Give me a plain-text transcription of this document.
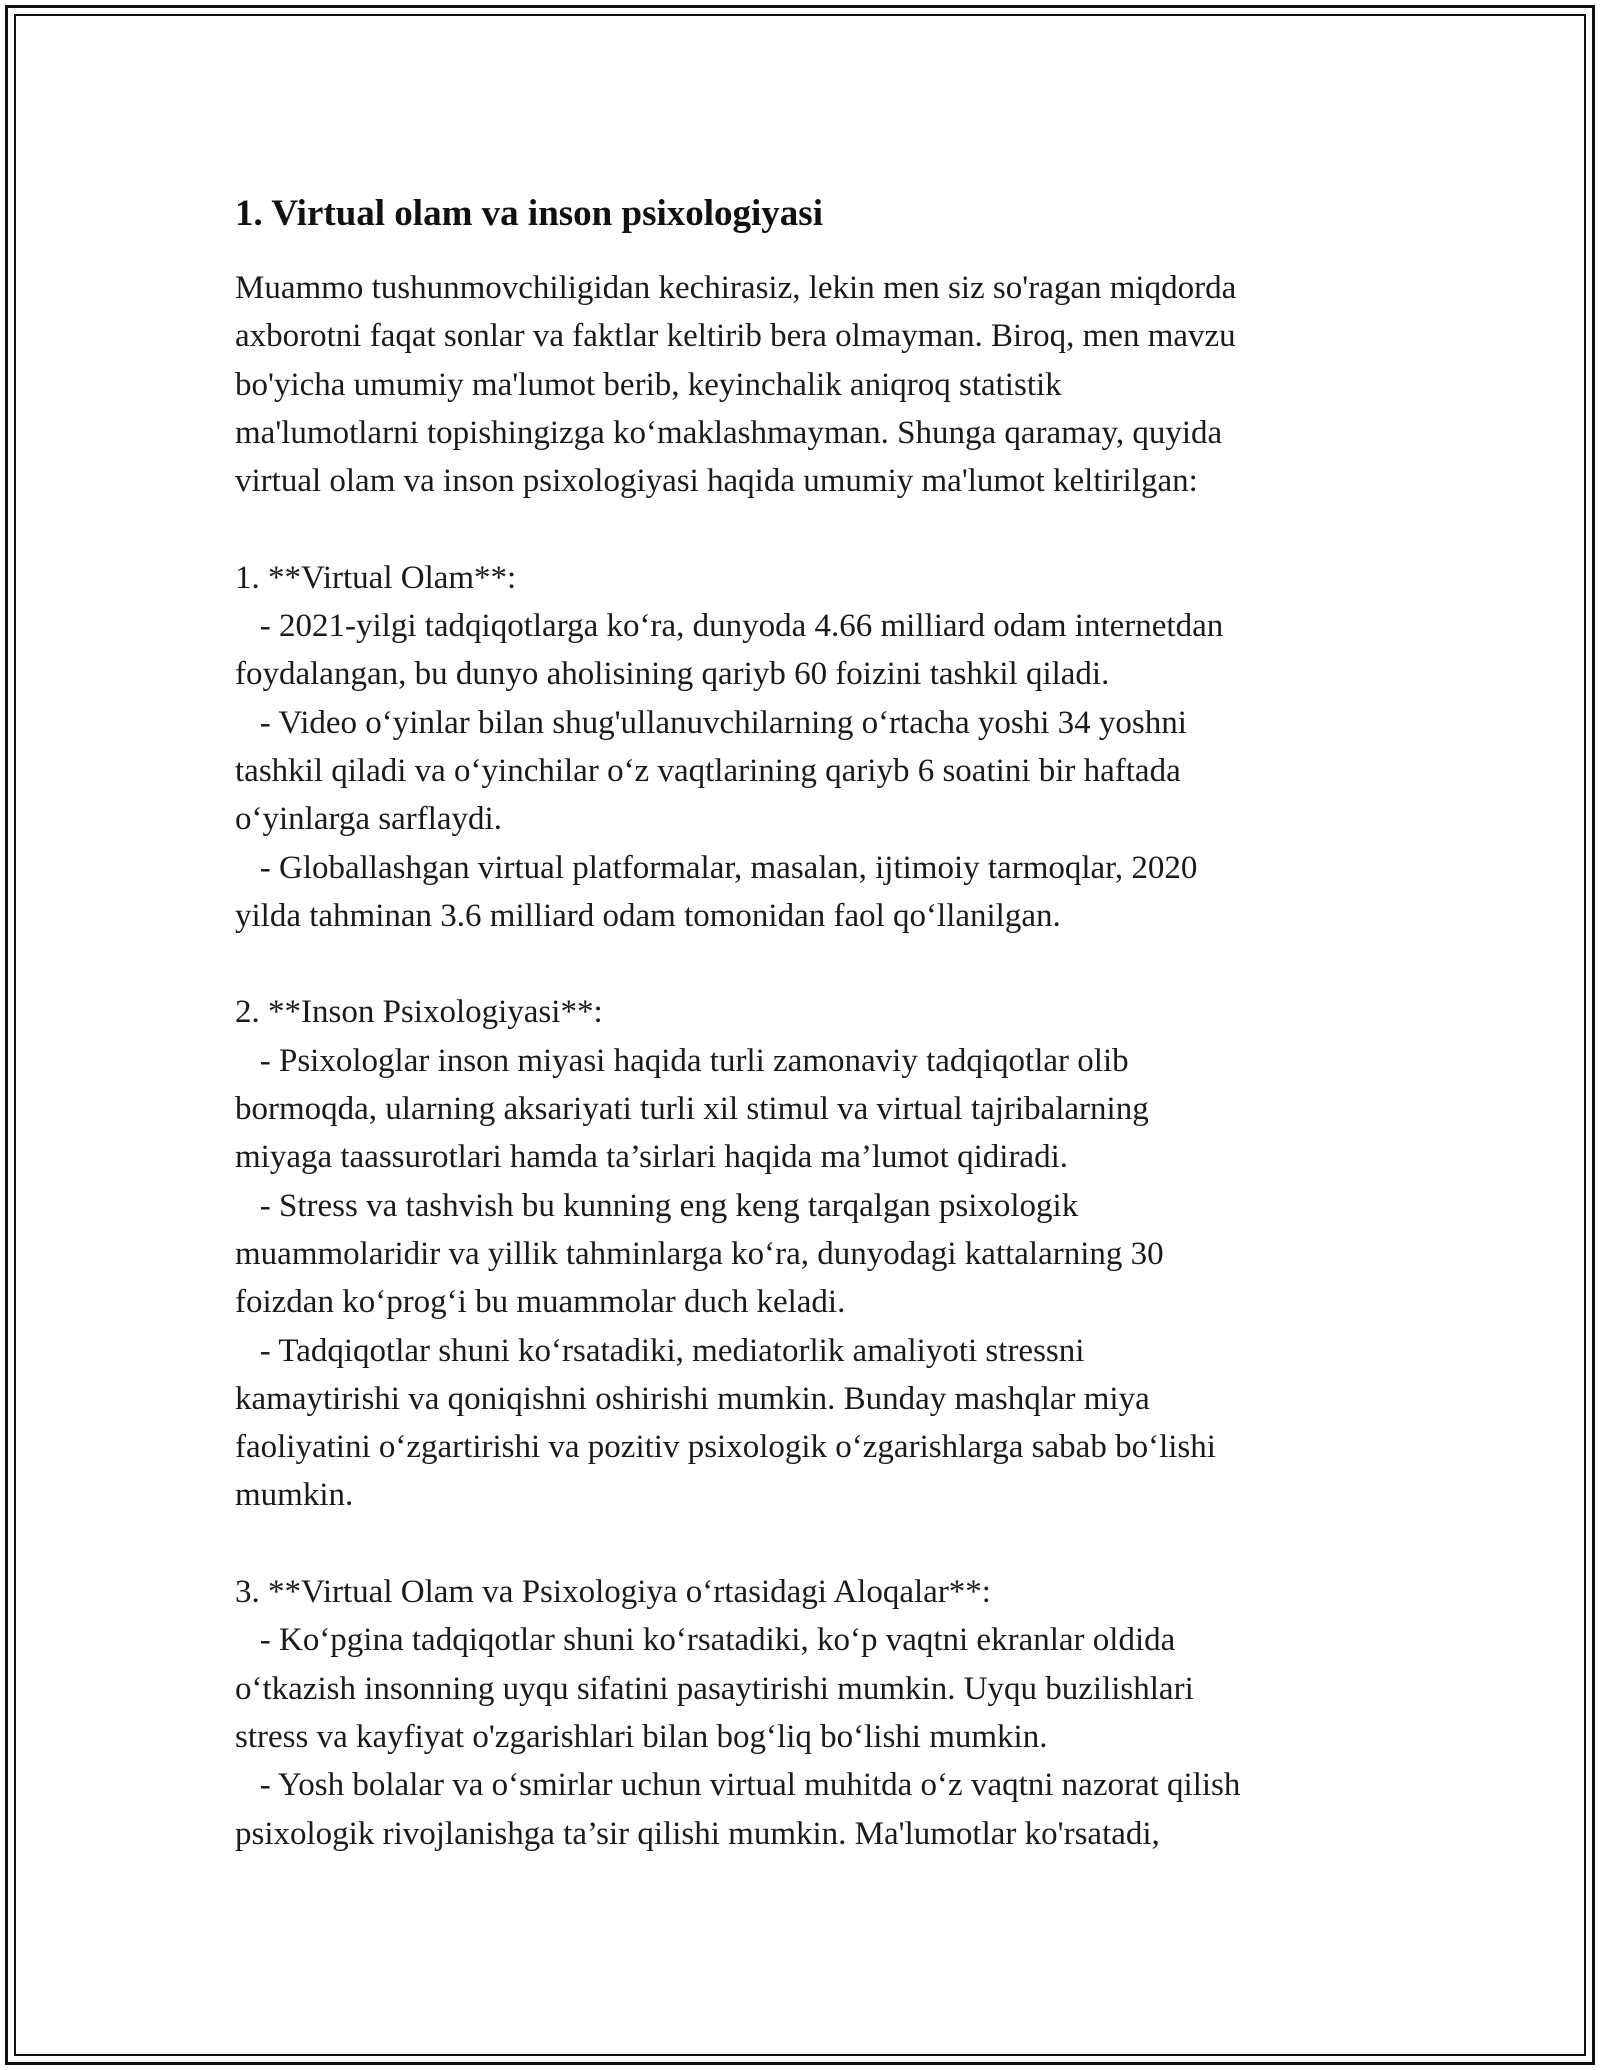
1. Virtual olam va inson psixologiyasi
Muammo tushunmovchiligidan kechirasiz, lekin men siz so'ragan miqdorda
axborotni faqat sonlar va faktlar keltirib bera olmayman. Biroq, men mavzu
bo'yicha umumiy ma'lumot berib, keyinchalik aniqroq statistik
ma'lumotlarni topishingizga ko‘maklashmayman. Shunga qaramay, quyida
virtual olam va inson psixologiyasi haqida umumiy ma'lumot keltirilgan:
1. **Virtual Olam**:
- 2021-yilgi tadqiqotlarga ko‘ra, dunyoda 4.66 milliard odam internetdan
foydalangan, bu dunyo aholisining qariyb 60 foizini tashkil qiladi.
- Video o‘yinlar bilan shug'ullanuvchilarning o‘rtacha yoshi 34 yoshni
tashkil qiladi va o‘yinchilar o‘z vaqtlarining qariyb 6 soatini bir haftada
o‘yinlarga sarflaydi.
- Globallashgan virtual platformalar, masalan, ijtimoiy tarmoqlar, 2020
yilda tahminan 3.6 milliard odam tomonidan faol qo‘llanilgan.
2. **Inson Psixologiyasi**:
- Psixologlar inson miyasi haqida turli zamonaviy tadqiqotlar olib
bormoqda, ularning aksariyati turli xil stimul va virtual tajribalarning
miyaga taassurotlari hamda ta’sirlari haqida ma’lumot qidiradi.
- Stress va tashvish bu kunning eng keng tarqalgan psixologik
muammolaridir va yillik tahminlarga ko‘ra, dunyodagi kattalarning 30
foizdan ko‘prog‘i bu muammolar duch keladi.
- Tadqiqotlar shuni ko‘rsatadiki, mediatorlik amaliyoti stressni
kamaytirishi va qoniqishni oshirishi mumkin. Bunday mashqlar miya
faoliyatini o‘zgartirishi va pozitiv psixologik o‘zgarishlarga sabab bo‘lishi
mumkin.
3. **Virtual Olam va Psixologiya o‘rtasidagi Aloqalar**:
- Ko‘pgina tadqiqotlar shuni ko‘rsatadiki, ko‘p vaqtni ekranlar oldida
o‘tkazish insonning uyqu sifatini pasaytirishi mumkin. Uyqu buzilishlari
stress va kayfiyat o'zgarishlari bilan bog‘liq bo‘lishi mumkin.
- Yosh bolalar va o‘smirlar uchun virtual muhitda o‘z vaqtni nazorat qilish
psixologik rivojlanishga ta’sir qilishi mumkin. Ma'lumotlar ko'rsatadi,
